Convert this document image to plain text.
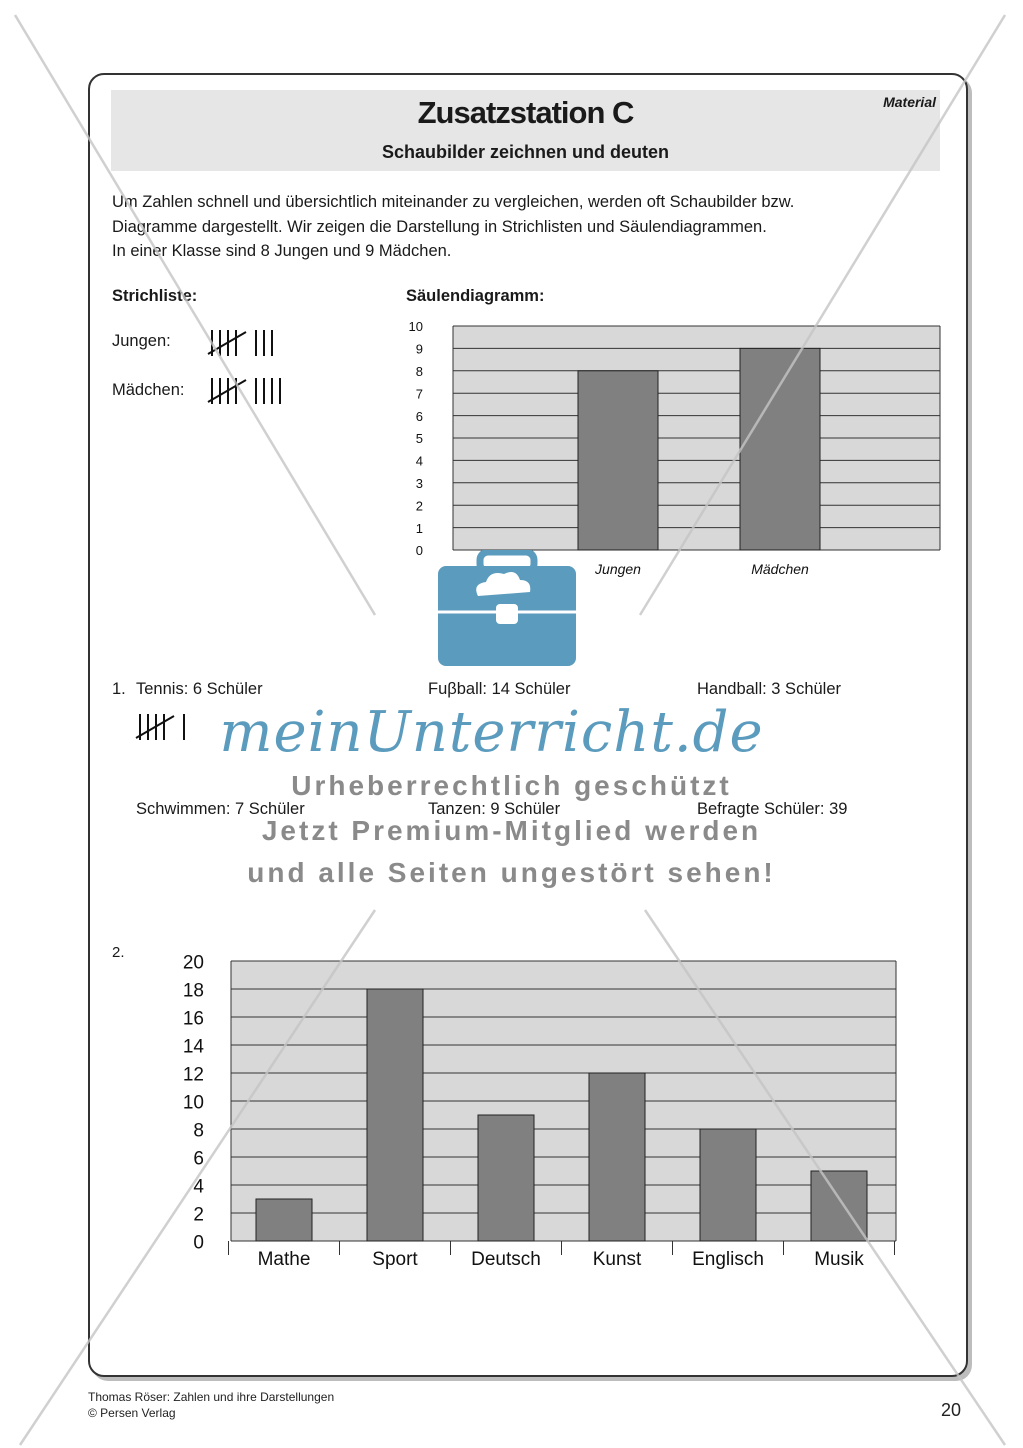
Zusatzstation C
Schaubilder zeichnen und deuten
Material
Um Zahlen schnell und übersichtlich miteinander zu vergleichen, werden oft Schaubilder bzw.
Diagramme dargestellt. Wir zeigen die Darstellung in Strichlisten und Säulendiagrammen.
In einer Klasse sind 8 Jungen und 9 Mädchen.
Strichliste:	Säulendiagramm:
Jungen:
Mädchen:
0
1
2
3
4
5
6
7
8
9
10
Jungen	Mädchen
1. Tennis: 6 Schüler	Fuβball: 14 Schüler	Handball: 3 Schüler
Schwimmen: 7 Schüler	Tanzen: 9 Schüler	Befragte Schüler: 39
2.
0
2
4
6
8
10
12
14
16
18
20
Mathe	Sport	Deutsch	Kunst	Englisch	Musik
meinUnterricht.de
Urheberrechtlich geschützt
Jetzt Premium-Mitglied werden
und alle Seiten ungestört sehen!
Thomas Röser: Zahlen und ihre Darstellungen
© Persen Verlag	20
